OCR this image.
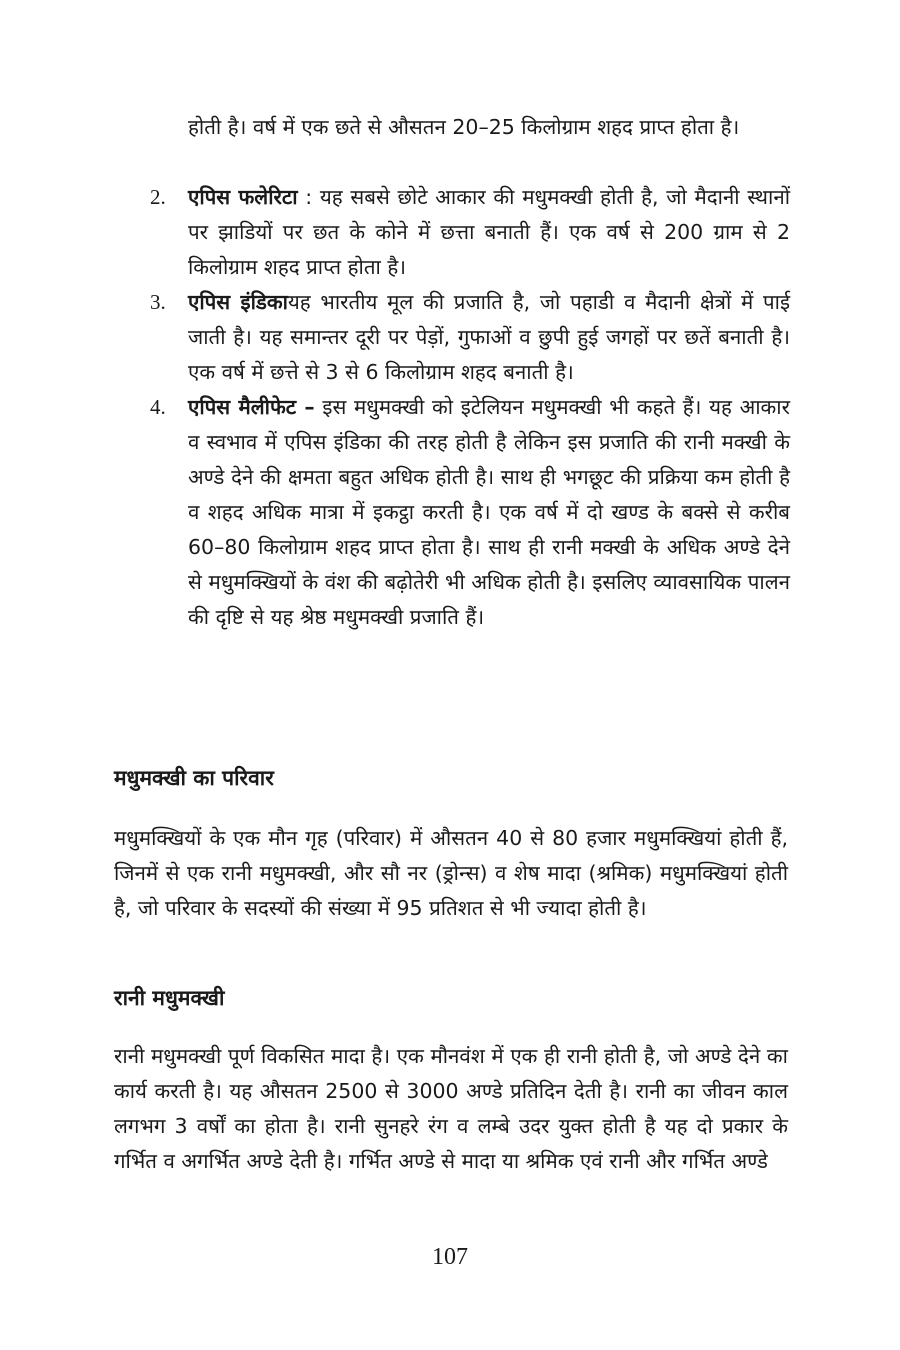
होती है। वर्ष में एक छते से औसतन 20–25 किलोग्राम शहद प्राप्त होता है।

2. एपिस फलेरिटा : यह सबसे छोटे आकार की मधुमक्खी होती है, जो मैदानी स्थानों पर झाडियों पर छत के कोने में छत्ता बनाती हैं। एक वर्ष से 200 ग्राम से 2 किलोग्राम शहद प्राप्त होता है।
3. एपिस इंडिकायह भारतीय मूल की प्रजाति है, जो पहाडी व मैदानी क्षेत्रों में पाई जाती है। यह समान्तर दूरी पर पेड़ों, गुफाओं व छुपी हुई जगहों पर छतें बनाती है। एक वर्ष में छत्ते से 3 से 6 किलोग्राम शहद बनाती है।
4. एपिस मैलीफेट – इस मधुमक्खी को इटेलियन मधुमक्खी भी कहते हैं। यह आकार व स्वभाव में एपिस इंडिका की तरह होती है लेकिन इस प्रजाति की रानी मक्खी के अण्डे देने की क्षमता बहुत अधिक होती है। साथ ही भगछूट की प्रक्रिया कम होती है व शहद अधिक मात्रा में इकट्ठा करती है। एक वर्ष में दो खण्ड के बक्से से करीब 60–80 किलोग्राम शहद प्राप्त होता है। साथ ही रानी मक्खी के अधिक अण्डे देने से मधुमक्खियों के वंश की बढ़ोतेरी भी अधिक होती है। इसलिए व्यावसायिक पालन की दृष्टि से यह श्रेष्ठ मधुमक्खी प्रजाति हैं।
मधुमक्खी का परिवार

मधुमक्खियों के एक मौन गृह (परिवार) में औसतन 40 से 80 हजार मधुमक्खियां होती हैं, जिनमें से एक रानी मधुमक्खी, और सौ नर (ड्रोन्स) व शेष मादा (श्रमिक) मधुमक्खियां होती है, जो परिवार के सदस्यों की संख्या में 95 प्रतिशत से भी ज्यादा होती है।

रानी मधुमक्खी

रानी मधुमक्खी पूर्ण विकसित मादा है। एक मौनवंश में एक ही रानी होती है, जो अण्डे देने का कार्य करती है। यह औसतन 2500 से 3000 अण्डे प्रतिदिन देती है। रानी का जीवन काल लगभग 3 वर्षों का होता है। रानी सुनहरे रंग व लम्बे उदर युक्त होती है यह दो प्रकार के गर्भित व अगर्भित अण्डे देती है। गर्भित अण्डे से मादा या श्रमिक एवं रानी और गर्भित अण्डे

107
